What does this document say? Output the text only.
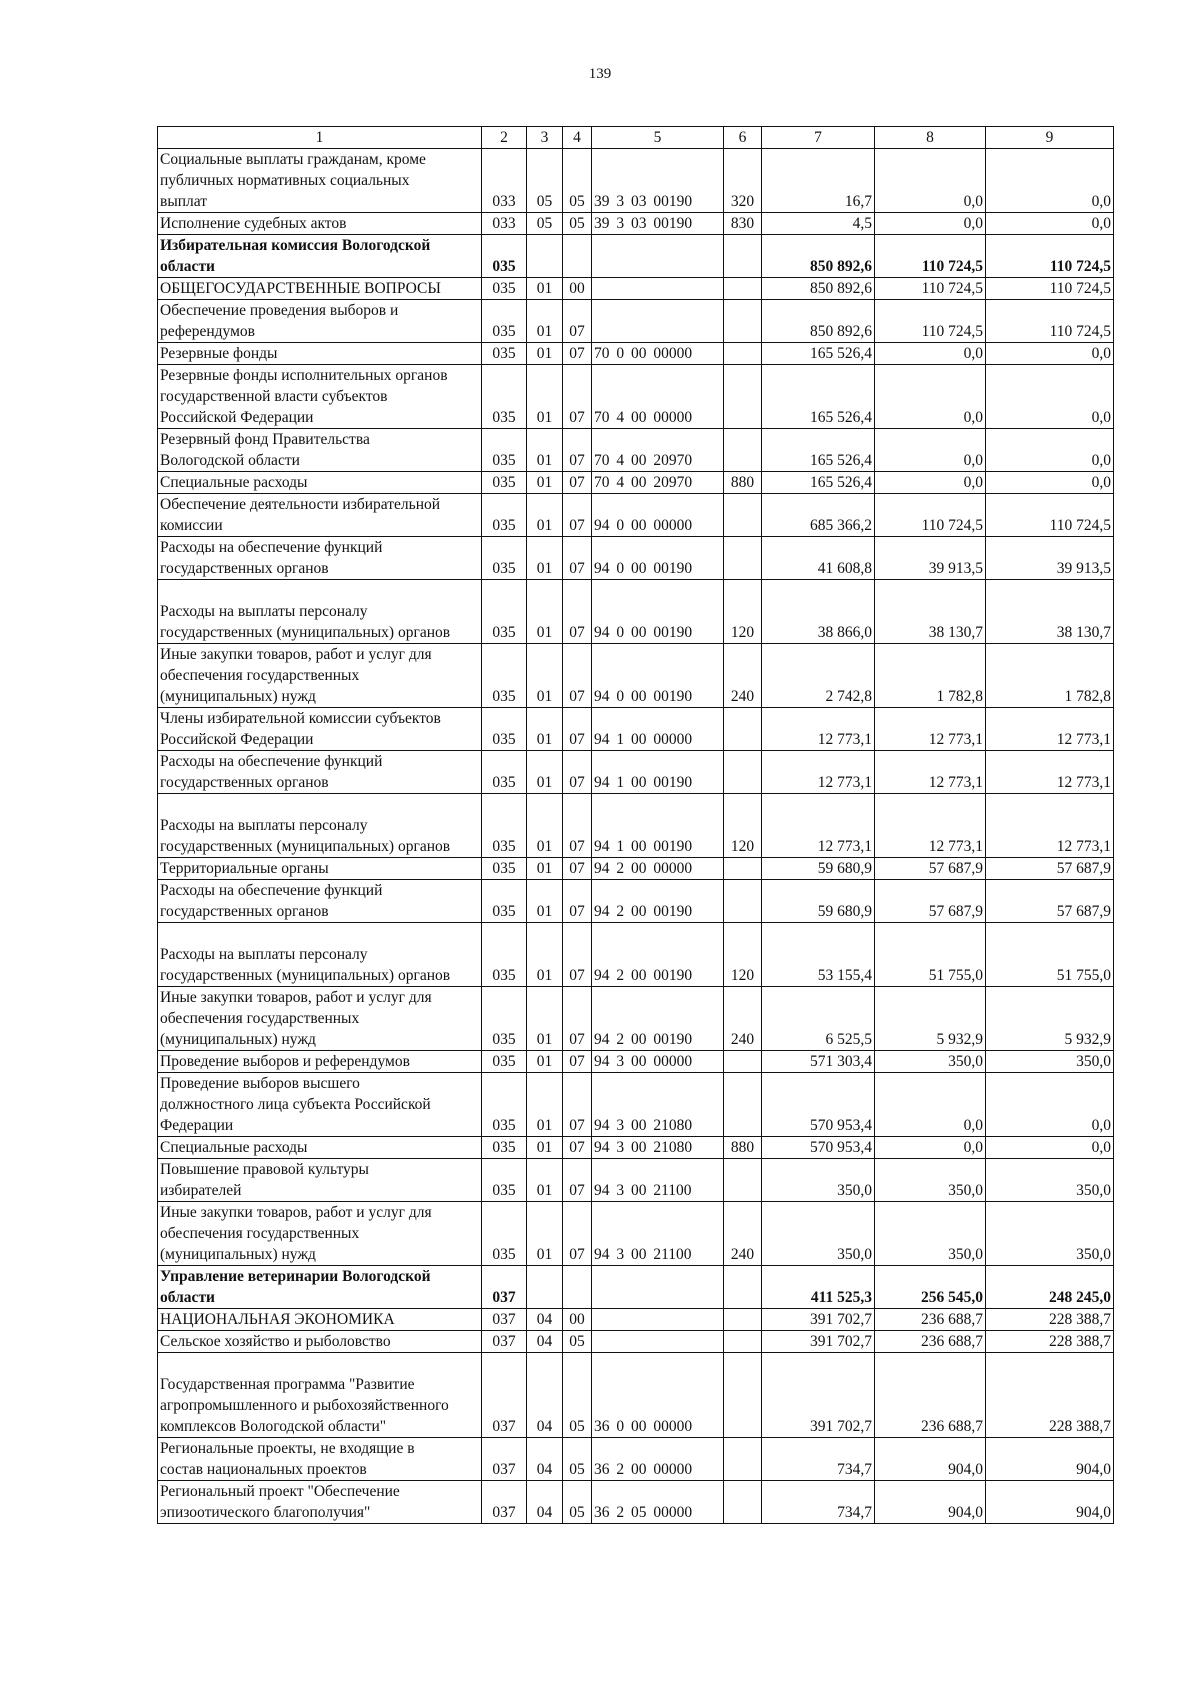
139
1	2	3	4	5	6	7	8	9

Социальные выплаты гражданам, кроме
публичных нормативных социальных
выплат	033	05	05	39 3 03 00190	320	16,7	0,0	0,0

Исполнение судебных актов	033	05	05	39 3 03 00190	830	4,5	0,0	0,0

Избирательная комиссия Вологодской
области	035					850 892,6	110 724,5	110 724,5

ОБЩЕГОСУДАРСТВЕННЫЕ ВОПРОСЫ	035	01	00			850 892,6	110 724,5	110 724,5

Обеспечение проведения выборов и
референдумов	035	01	07			850 892,6	110 724,5	110 724,5

Резервные фонды	035	01	07	70 0 00 00000		165 526,4	0,0	0,0

Резервные фонды исполнительных органов
государственной власти субъектов
Российской Федерации	035	01	07	70 4 00 00000		165 526,4	0,0	0,0

Резервный фонд Правительства
Вологодской области	035	01	07	70 4 00 20970		165 526,4	0,0	0,0

Специальные расходы	035	01	07	70 4 00 20970	880	165 526,4	0,0	0,0

Обеспечение деятельности избирательной
комиссии	035	01	07	94 0 00 00000		685 366,2	110 724,5	110 724,5

Расходы на обеспечение функций
государственных органов	035	01	07	94 0 00 00190		41 608,8	39 913,5	39 913,5

Расходы на выплаты персоналу
государственных (муниципальных) органов	035	01	07	94 0 00 00190	120	38 866,0	38 130,7	38 130,7

Иные закупки товаров, работ и услуг для
обеспечения государственных
(муниципальных) нужд	035	01	07	94 0 00 00190	240	2 742,8	1 782,8	1 782,8

Члены избирательной комиссии субъектов
Российской Федерации	035	01	07	94 1 00 00000		12 773,1	12 773,1	12 773,1

Расходы на обеспечение функций
государственных органов	035	01	07	94 1 00 00190		12 773,1	12 773,1	12 773,1

Расходы на выплаты персоналу
государственных (муниципальных) органов	035	01	07	94 1 00 00190	120	12 773,1	12 773,1	12 773,1

Территориальные органы	035	01	07	94 2 00 00000		59 680,9	57 687,9	57 687,9

Расходы на обеспечение функций
государственных органов	035	01	07	94 2 00 00190		59 680,9	57 687,9	57 687,9

Расходы на выплаты персоналу
государственных (муниципальных) органов	035	01	07	94 2 00 00190	120	53 155,4	51 755,0	51 755,0

Иные закупки товаров, работ и услуг для
обеспечения государственных
(муниципальных) нужд	035	01	07	94 2 00 00190	240	6 525,5	5 932,9	5 932,9

Проведение выборов и референдумов	035	01	07	94 3 00 00000		571 303,4	350,0	350,0

Проведение выборов высшего
должностного лица субъекта Российской
Федерации	035	01	07	94 3 00 21080		570 953,4	0,0	0,0

Специальные расходы	035	01	07	94 3 00 21080	880	570 953,4	0,0	0,0

Повышение правовой культуры
избирателей	035	01	07	94 3 00 21100		350,0	350,0	350,0

Иные закупки товаров, работ и услуг для
обеспечения государственных
(муниципальных) нужд	035	01	07	94 3 00 21100	240	350,0	350,0	350,0

Управление ветеринарии Вологодской
области	037					411 525,3	256 545,0	248 245,0

НАЦИОНАЛЬНАЯ ЭКОНОМИКА	037	04	00			391 702,7	236 688,7	228 388,7

Сельское хозяйство и рыболовство	037	04	05			391 702,7	236 688,7	228 388,7

Государственная программа "Развитие
агропромышленного и рыбохозяйственного
комплексов Вологодской области"	037	04	05	36 0 00 00000		391 702,7	236 688,7	228 388,7

Региональные проекты, не входящие в
состав национальных проектов	037	04	05	36 2 00 00000		734,7	904,0	904,0

Региональный проект "Обеспечение
эпизоотического благополучия"	037	04	05	36 2 05 00000		734,7	904,0	904,0
